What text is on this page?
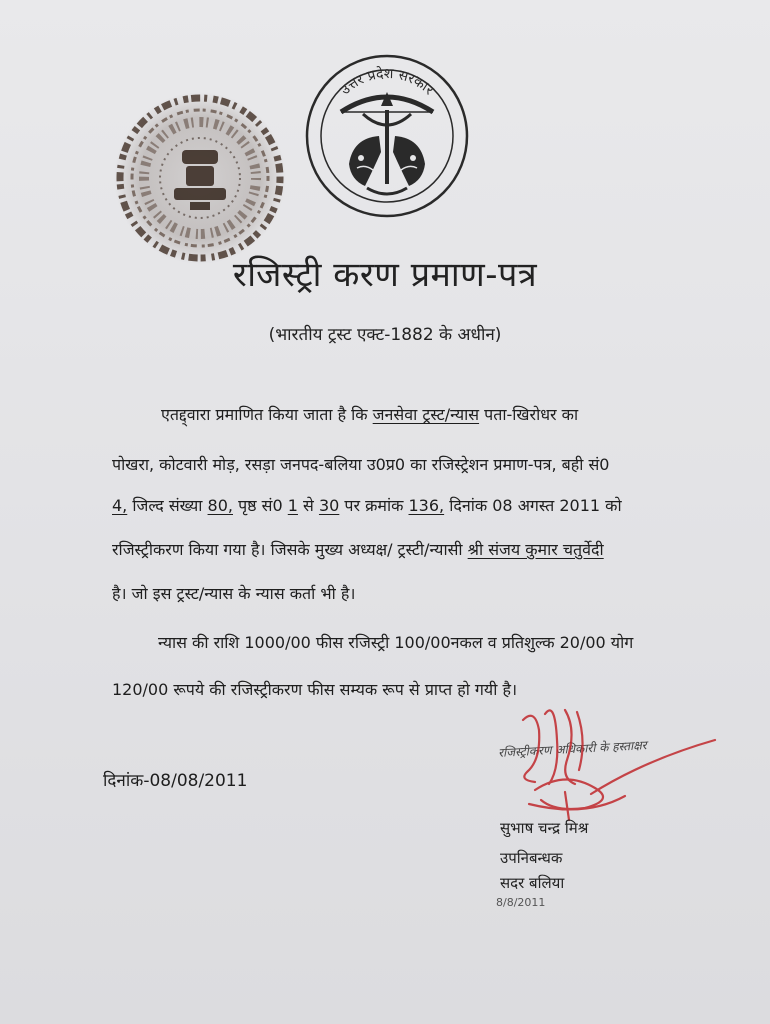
उत्तर प्रदेश सरकार
रजिस्ट्री करण प्रमाण-पत्र
(भारतीय ट्रस्ट एक्ट-1882 के अधीन)
एतद्द्वारा प्रमाणित किया जाता है कि जनसेवा ट्रस्ट/न्यास पता-खिरोधर का
पोखरा, कोटवारी मोड़, रसड़ा जनपद-बलिया उ0प्र0 का रजिस्ट्रेशन प्रमाण-पत्र, बही सं0
4, जिल्द संख्या 80, पृष्ठ सं0 1 से 30 पर क्रमांक 136, दिनांक 08 अगस्त 2011 को
रजिस्ट्रीकरण किया गया है। जिसके मुख्य अध्यक्ष/ ट्रस्टी/न्यासी श्री संजय कुमार चतुर्वेदी
है। जो इस ट्रस्ट/न्यास के न्यास कर्ता भी है।
न्यास की राशि 1000/00 फीस रजिस्ट्री 100/00नकल व प्रतिशुल्क 20/00 योग
120/00 रूपये की रजिस्ट्रीकरण फीस सम्यक रूप से प्राप्त हो गयी है।
दिनांक-08/08/2011
रजिस्ट्रीकरण अधिकारी के हस्ताक्षर
सुभाष चन्द्र मिश्र
उपनिबन्धक
सदर बलिया
8/8/2011
